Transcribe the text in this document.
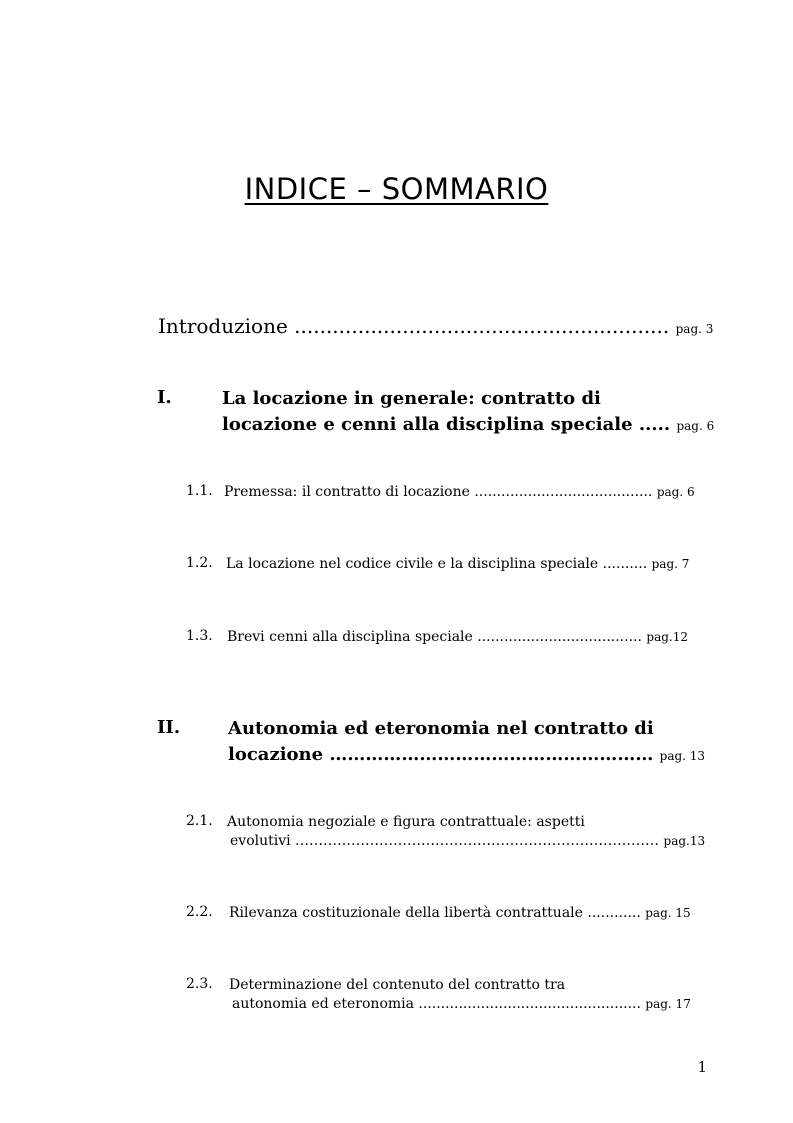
INDICE – SOMMARIO
Introduzione ........................................................... pag. 3
I.	La locazione in generale: contratto di
locazione e cenni alla disciplina speciale ..... pag. 6
1.1. Premessa: il contratto di locazione ........................................ pag. 6
1.2. La locazione nel codice civile e la disciplina speciale .......... pag. 7
1.3. Brevi cenni alla disciplina speciale ..................................... pag.12
II.	Autonomia ed eteronomia nel contratto di
locazione ……………………………………………… pag. 13
2.1. Autonomia negoziale e figura contrattuale: aspetti
evolutivi …………………………………………………………………… pag.13
2.2. Rilevanza costituzionale della libertà contrattuale ............ pag. 15
2.3. Determinazione del contenuto del contratto tra
autonomia ed eteronomia .................................................. pag. 17
1
